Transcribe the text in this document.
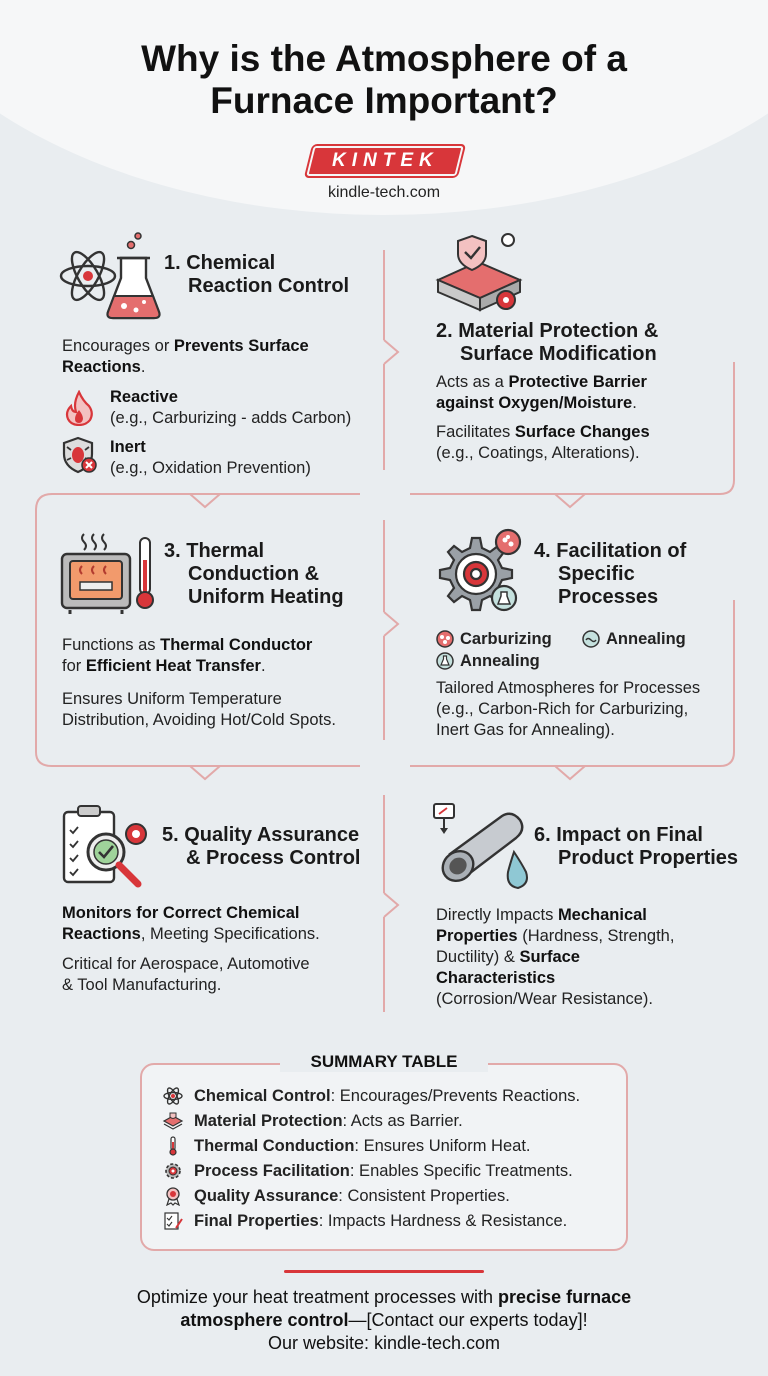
Why is the Atmosphere of a
Furnace Important?
KINTEK
kindle-tech.com
1. Chemical
Reaction Control
Encourages or Prevents Surface
Reactions.
Reactive
(e.g., Carburizing - adds Carbon)
Inert
(e.g., Oxidation Prevention)
2. Material Protection &
Surface Modification
Acts as a Protective Barrier
against Oxygen/Moisture.
Facilitates Surface Changes
(e.g., Coatings, Alterations).
3. Thermal
Conduction &
Uniform Heating
Functions as Thermal Conductor
for Efficient Heat Transfer.
Ensures Uniform Temperature
Distribution, Avoiding Hot/Cold Spots.
4. Facilitation of
Specific
Processes
Carburizing	Annealing
Annealing
Tailored Atmospheres for Processes
(e.g., Carbon-Rich for Carburizing,
Inert Gas for Annealing).
5. Quality Assurance
& Process Control
Monitors for Correct Chemical
Reactions, Meeting Specifications.
Critical for Aerospace, Automotive
& Tool Manufacturing.
6. Impact on Final
Product Properties
Directly Impacts Mechanical
Properties (Hardness, Strength,
Ductility) & Surface
Characteristics
(Corrosion/Wear Resistance).
SUMMARY TABLE
Chemical Control : Encourages/Prevents Reactions.
Material Protection : Acts as Barrier.
Thermal Conduction : Ensures Uniform Heat.
Process Facilitation : Enables Specific Treatments.
Quality Assurance : Consistent Properties.
Final Properties : Impacts Hardness & Resistance.
Optimize your heat treatment processes with precise furnace
atmosphere control—[Contact our experts today]!
Our website: kindle-tech.com
